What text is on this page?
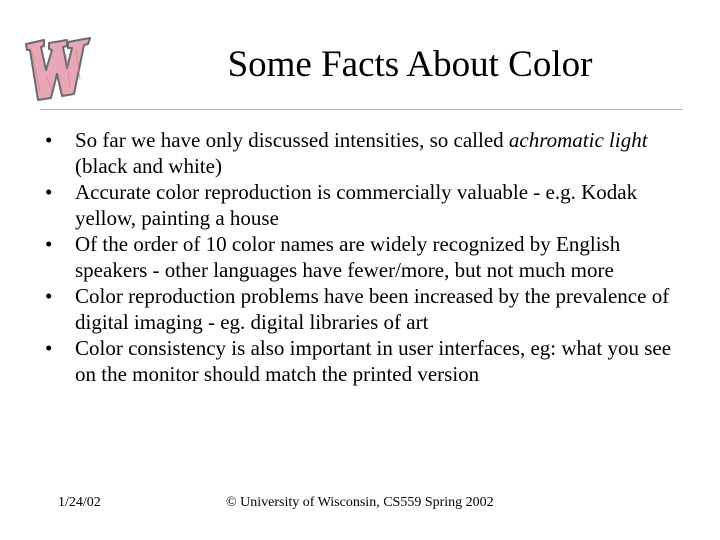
Some Facts About Color
• So far we have only discussed intensities, so called achromatic light (black and white)
• Accurate color reproduction is commercially valuable - e.g. Kodak yellow, painting a house
• Of the order of 10 color names are widely recognized by English speakers - other languages have fewer/more, but not much more
• Color reproduction problems have been increased by the prevalence of digital imaging - eg. digital libraries of art
• Color consistency is also important in user interfaces, eg: what you see on the monitor should match the printed version
1/24/02	© University of Wisconsin, CS559 Spring 2002
